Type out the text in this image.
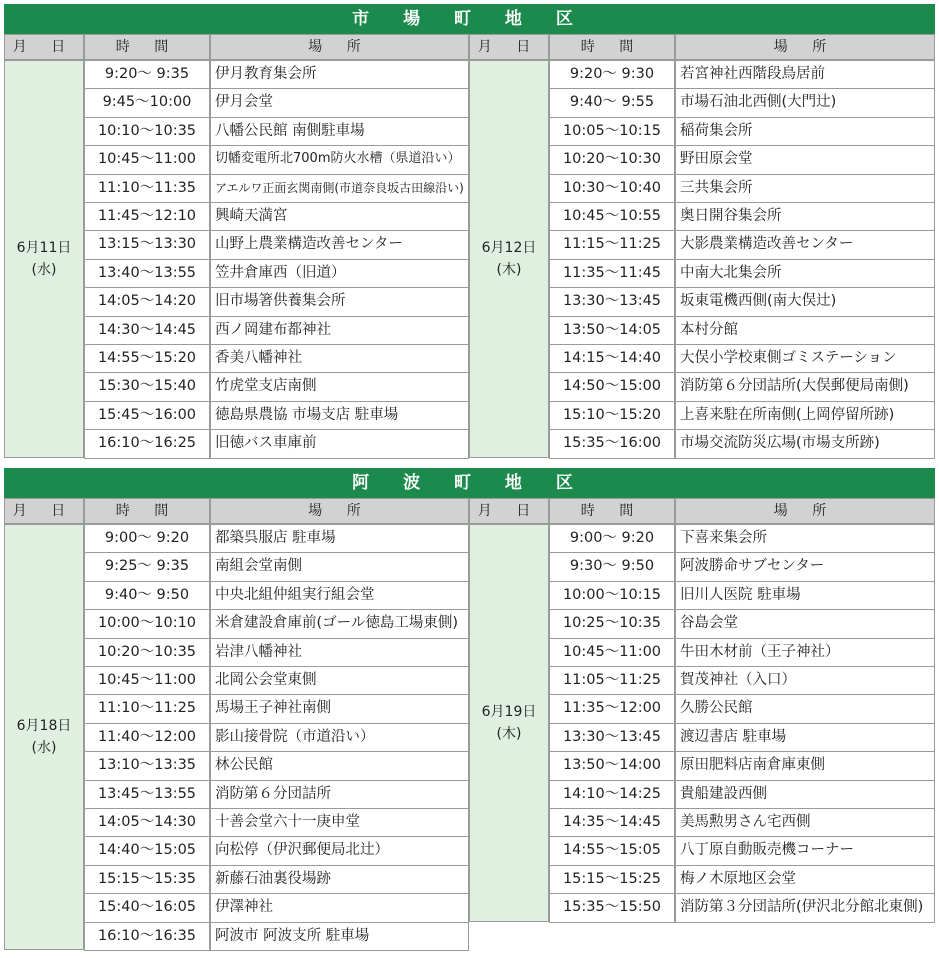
市 場 町 地 区
月 日	時 間	場 所
6月11日
(水)
9:20～ 9:35	伊月教育集会所
9:45～10:00	伊月会堂
10:10～10:35	八幡公民館 南側駐車場
10:45～11:00	切幡変電所北700m防火水槽（県道沿い）
11:10～11:35	アエルワ正面玄関南側(市道奈良坂古田線沿い)
11:45～12:10	興崎天満宮
13:15～13:30	山野上農業構造改善センター
13:40～13:55	笠井倉庫西（旧道）
14:05～14:20	旧市場箸供養集会所
14:30～14:45	西ノ岡建布都神社
14:55～15:20	香美八幡神社
15:30～15:40	竹虎堂支店南側
15:45～16:00	徳島県農協 市場支店 駐車場
16:10～16:25	旧徳バス車庫前
月 日	時 間	場 所
6月12日
(木)
9:20～ 9:30	若宮神社西階段鳥居前
9:40～ 9:55	市場石油北西側(大門辻)
10:05～10:15	稲荷集会所
10:20～10:30	野田原会堂
10:30～10:40	三共集会所
10:45～10:55	奥日開谷集会所
11:15～11:25	大影農業構造改善センター
11:35～11:45	中南大北集会所
13:30～13:45	坂東電機西側(南大俣辻)
13:50～14:05	本村分館
14:15～14:40	大俣小学校東側ゴミステーション
14:50～15:00	消防第６分団詰所(大俣郵便局南側)
15:10～15:20	上喜来駐在所南側(上岡停留所跡)
15:35～16:00	市場交流防災広場(市場支所跡)
阿 波 町 地 区
月 日	時 間	場 所
6月18日
(水)
9:00～ 9:20	都築呉服店 駐車場
9:25～ 9:35	南組会堂南側
9:40～ 9:50	中央北組仲組実行組会堂
10:00～10:10	米倉建設倉庫前(ゴール徳島工場東側)
10:20～10:35	岩津八幡神社
10:45～11:00	北岡公会堂東側
11:10～11:25	馬場王子神社南側
11:40～12:00	影山接骨院（市道沿い）
13:10～13:35	林公民館
13:45～13:55	消防第６分団詰所
14:05～14:30	十善会堂六十一庚申堂
14:40～15:05	向松停（伊沢郵便局北辻）
15:15～15:35	新藤石油裏役場跡
15:40～16:05	伊澤神社
16:10～16:35	阿波市 阿波支所 駐車場
月 日	時 間	場 所
6月19日
(木)
9:00～ 9:20	下喜来集会所
9:30～ 9:50	阿波勝命サブセンター
10:00～10:15	旧川人医院 駐車場
10:25～10:35	谷島会堂
10:45～11:00	牛田木材前（王子神社）
11:05～11:25	賀茂神社（入口）
11:35～12:00	久勝公民館
13:30～13:45	渡辺書店 駐車場
13:50～14:00	原田肥料店南倉庫東側
14:10～14:25	貴船建設西側
14:35～14:45	美馬勲男さん宅西側
14:55～15:05	八丁原自動販売機コーナー
15:15～15:25	梅ノ木原地区会堂
15:35～15:50	消防第３分団詰所(伊沢北分館北東側)
